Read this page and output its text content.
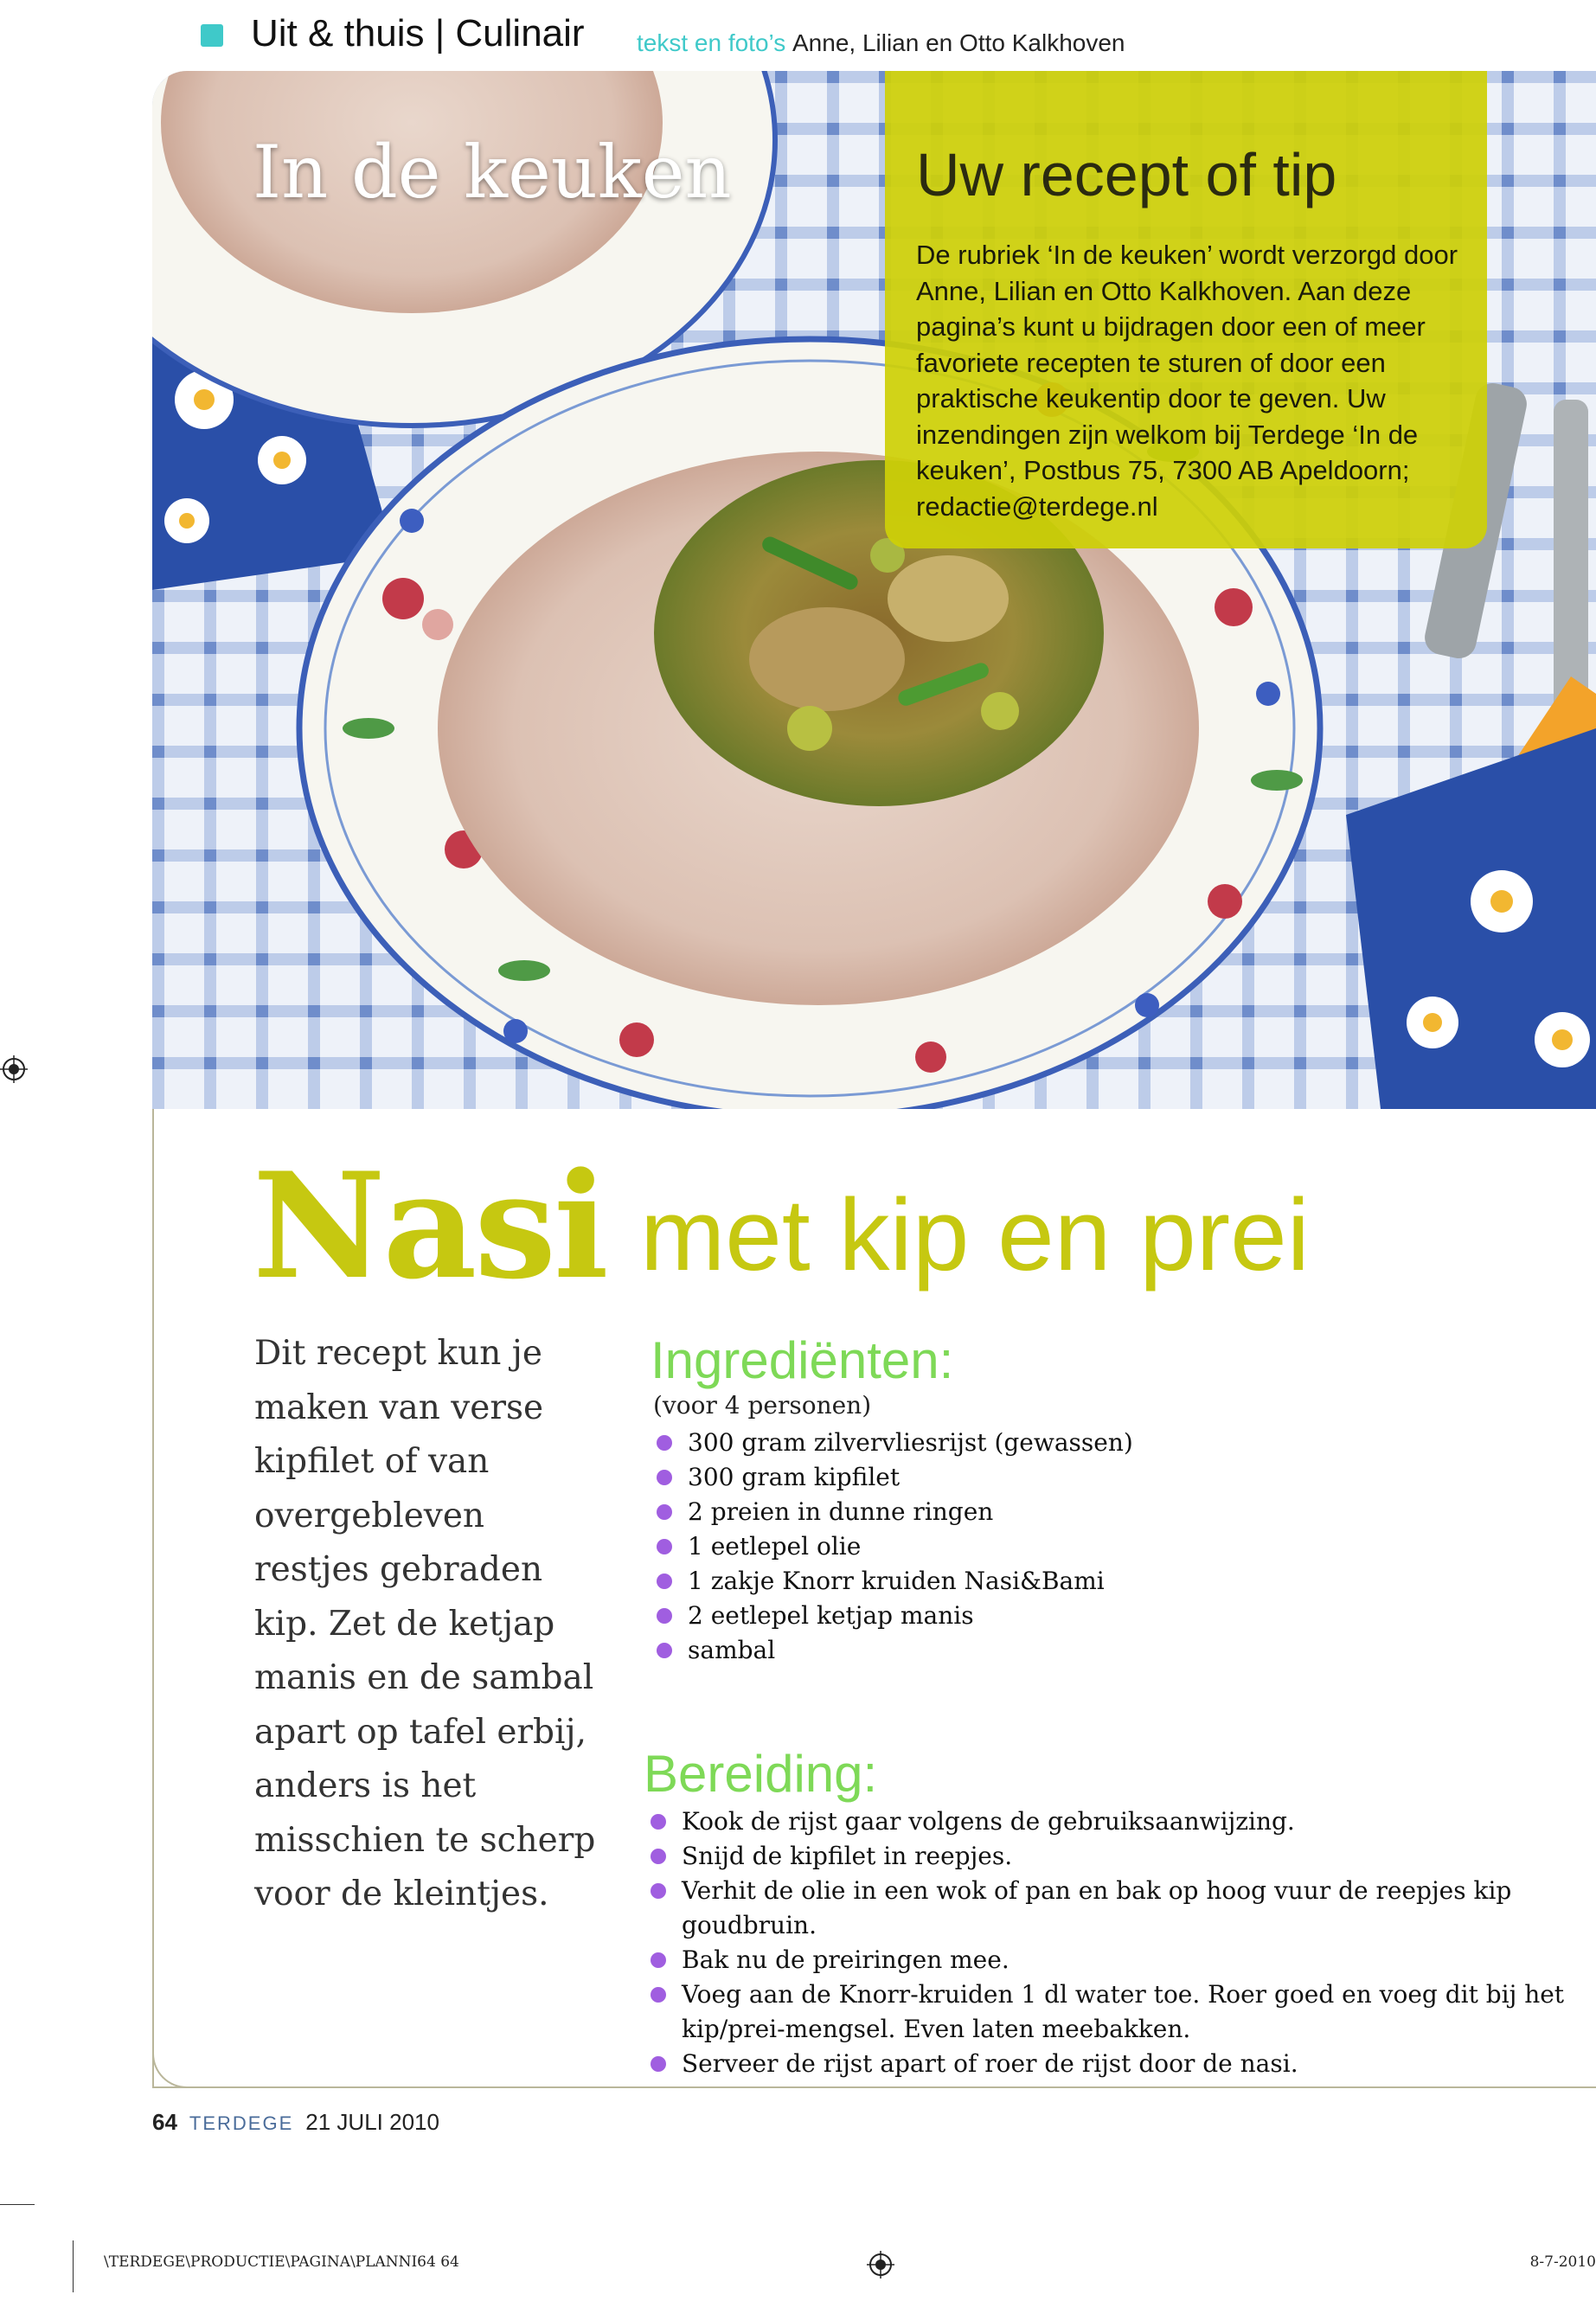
Uit & thuis | Culinair tekst en foto’s Anne, Lilian en Otto Kalkhoven
In de keuken	Uw recept of tip
De rubriek ‘In de keuken’ wordt verzorgd door Anne, Lilian en Otto Kalkhoven. Aan deze pagina’s kunt u bijdragen door een of meer favoriete recepten te sturen of door een praktische keukentip door te geven. Uw inzendingen zijn welkom bij Terdege ‘In de keuken’, Postbus 75, 7300 AB Apeldoorn; redactie@terdege.nl
Nasi met kip en prei

Dit recept kun je maken van verse kipfilet of van overgebleven restjes gebraden kip. Zet de ketjap manis en de sambal apart op tafel erbij, anders is het misschien te scherp voor de kleintjes.

Ingrediënten:
(voor 4 personen)
300 gram zilvervliesrijst (gewassen)
300 gram kipfilet
2 preien in dunne ringen
1 eetlepel olie
1 zakje Knorr kruiden Nasi&Bami
2 eetlepel ketjap manis
sambal
Bereiding:
Kook de rijst gaar volgens de gebruiksaanwijzing.
Snijd de kipfilet in reepjes.
Verhit de olie in een wok of pan en bak op hoog vuur de reepjes kip goudbruin.
Bak nu de preiringen mee.
Voeg aan de Knorr-kruiden 1 dl water toe. Roer goed en voeg dit bij het kip/prei-mengsel. Even laten meebakken.
Serveer de rijst apart of roer de rijst door de nasi.
64 TERDEGE 21 JULI 2010
\TERDEGE\PRODUCTIE\PAGINA\PLANNI64 64	8-7-2010
